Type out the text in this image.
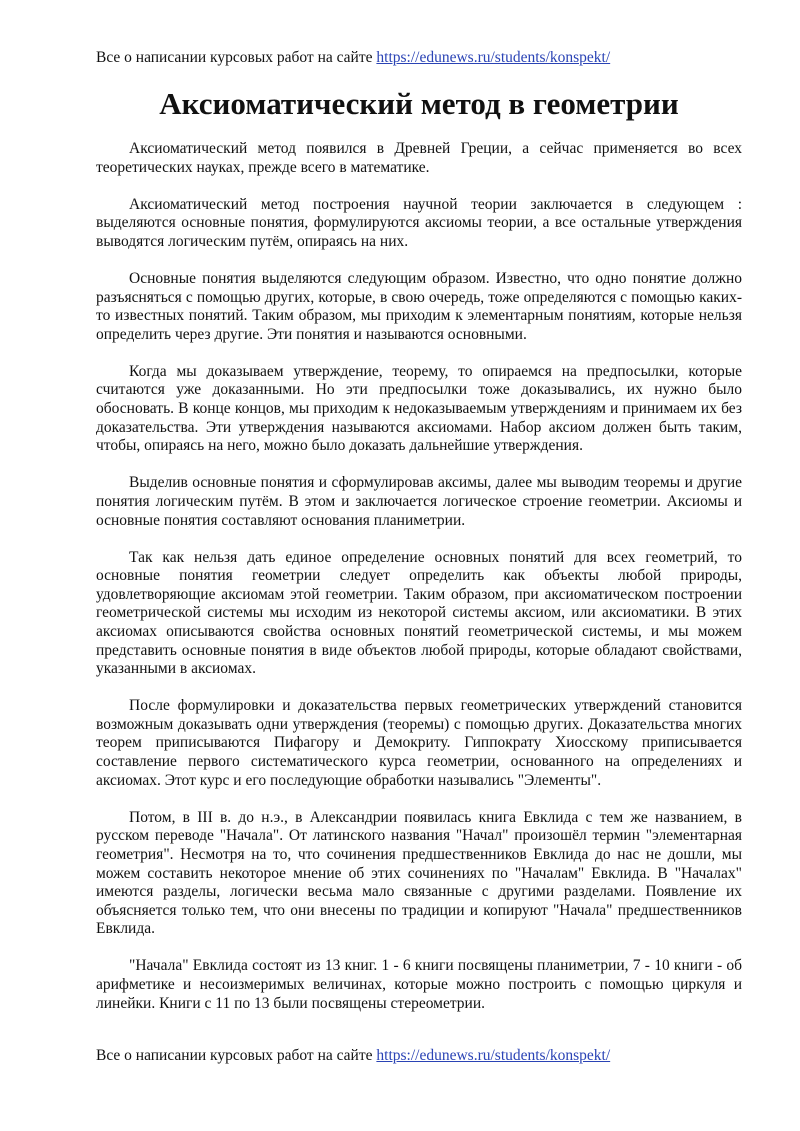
Все о написании курсовых работ на сайте https://edunews.ru/students/konspekt/
Аксиоматический метод в геометрии

Аксиоматический метод появился в Древней Греции, а сейчас применяется во всех теоретических науках, прежде всего в математике.

Аксиоматический метод построения научной теории заключается в следующем : выделяются основные понятия, формулируются аксиомы теории, а все остальные утверждения выводятся логическим путём, опираясь на них.

Основные понятия выделяются следующим образом. Известно, что одно понятие должно разъясняться с помощью других, которые, в свою очередь, тоже определяются с помощью каких-то известных понятий. Таким образом, мы приходим к элементарным понятиям, которые нельзя определить через другие. Эти понятия и называются основными.

Когда мы доказываем утверждение, теорему, то опираемся на предпосылки, которые считаются уже доказанными. Но эти предпосылки тоже доказывались, их нужно было обосновать. В конце концов, мы приходим к недоказываемым утверждениям и принимаем их без доказательства. Эти утверждения называются аксиомами. Набор аксиом должен быть таким, чтобы, опираясь на него, можно было доказать дальнейшие утверждения.

Выделив основные понятия и сформулировав аксимы, далее мы выводим теоремы и другие понятия логическим путём. В этом и заключается логическое строение геометрии. Аксиомы и основные понятия составляют основания планиметрии.

Так как нельзя дать единое определение основных понятий для всех геометрий, то основные понятия геометрии следует определить как объекты любой природы, удовлетворяющие аксиомам этой геометрии. Таким образом, при аксиоматическом построении геометрической системы мы исходим из некоторой системы аксиом, или аксиоматики. В этих аксиомах описываются свойства основных понятий геометрической системы, и мы можем представить основные понятия в виде объектов любой природы, которые обладают свойствами, указанными в аксиомах.

После формулировки и доказательства первых геометрических утверждений становится возможным доказывать одни утверждения (теоремы) с помощью других. Доказательства многих теорем приписываются Пифагору и Демокриту. Гиппократу Хиосскому приписывается составление первого систематического курса геометрии, основанного на определениях и аксиомах. Этот курс и его последующие обработки назывались "Элементы".

Потом, в III в. до н.э., в Александрии появилась книга Евклида с тем же названием, в русском переводе "Начала". От латинского названия "Начал" произошёл термин "элементарная геометрия". Несмотря на то, что сочинения предшественников Евклида до нас не дошли, мы можем составить некоторое мнение об этих сочинениях по "Началам" Евклида. В "Началах" имеются разделы, логически весьма мало связанные с другими разделами. Появление их объясняется только тем, что они внесены по традиции и копируют "Начала" предшественников Евклида.

"Начала" Евклида состоят из 13 книг. 1 - 6 книги посвящены планиметрии, 7 - 10 книги - об арифметике и несоизмеримых величинах, которые можно построить с помощью циркуля и линейки. Книги с 11 по 13 были посвящены стереометрии.

Все о написании курсовых работ на сайте https://edunews.ru/students/konspekt/
